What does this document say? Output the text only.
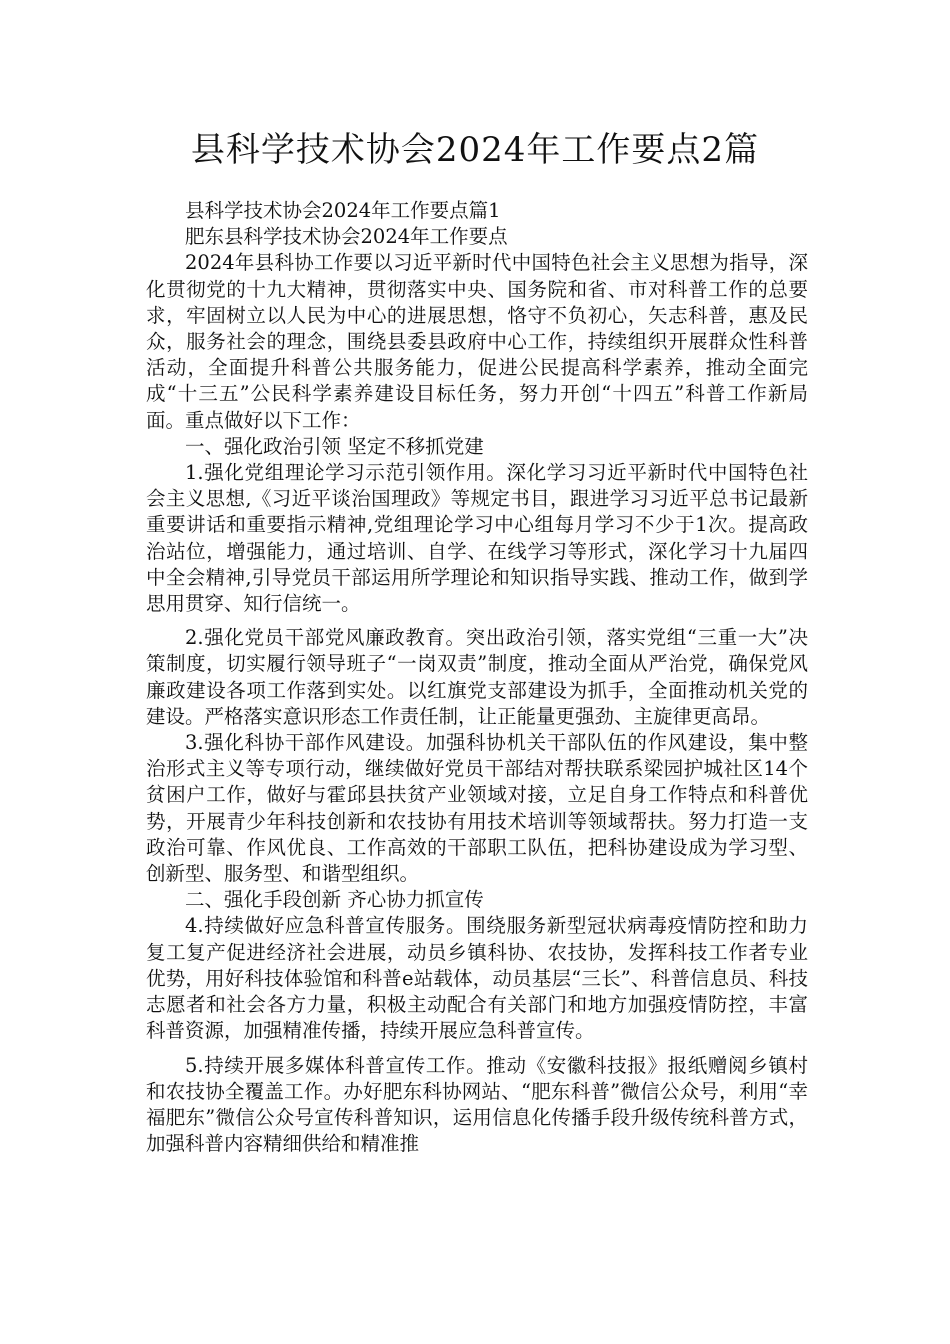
县科学技术协会2024年工作要点2篇

县科学技术协会2024年工作要点篇1

肥东县科学技术协会2024年工作要点

2024年县科协工作要以习近平新时代中国特色社会主义思想为指导，深化贯彻党的十九大精神，贯彻落实中央、国务院和省、市对科普工作的总要求，牢固树立以人民为中心的进展思想，恪守不负初心，矢志科普，惠及民众，服务社会的理念，围绕县委县政府中心工作，持续组织开展群众性科普活动，全面提升科普公共服务能力，促进公民提高科学素养，推动全面完成“十三五”公民科学素养建设目标任务，努力开创“十四五”科普工作新局面。重点做好以下工作：

一、强化政治引领 坚定不移抓党建

1.强化党组理论学习示范引领作用。深化学习习近平新时代中国特色社会主义思想,《习近平谈治国理政》等规定书目，跟进学习习近平总书记最新重要讲话和重要指示精神,党组理论学习中心组每月学习不少于1次。提高政治站位，增强能力，通过培训、自学、在线学习等形式，深化学习十九届四中全会精神,引导党员干部运用所学理论和知识指导实践、推动工作，做到学思用贯穿、知行信统一。

2.强化党员干部党风廉政教育。突出政治引领，落实党组“三重一大”决策制度，切实履行领导班子“一岗双责”制度，推动全面从严治党，确保党风廉政建设各项工作落到实处。以红旗党支部建设为抓手，全面推动机关党的建设。严格落实意识形态工作责任制，让正能量更强劲、主旋律更高昂。

3.强化科协干部作风建设。加强科协机关干部队伍的作风建设，集中整治形式主义等专项行动，继续做好党员干部结对帮扶联系梁园护城社区14个贫困户工作，做好与霍邱县扶贫产业领域对接，立足自身工作特点和科普优势，开展青少年科技创新和农技协有用技术培训等领域帮扶。努力打造一支政治可靠、作风优良、工作高效的干部职工队伍，把科协建设成为学习型、创新型、服务型、和谐型组织。

二、强化手段创新 齐心协力抓宣传

4.持续做好应急科普宣传服务。围绕服务新型冠状病毒疫情防控和助力复工复产促进经济社会进展，动员乡镇科协、农技协，发挥科技工作者专业优势，用好科技体验馆和科普e站载体，动员基层“三长”、科普信息员、科技志愿者和社会各方力量，积极主动配合有关部门和地方加强疫情防控，丰富科普资源，加强精准传播，持续开展应急科普宣传。

5.持续开展多媒体科普宣传工作。推动《安徽科技报》报纸赠阅乡镇村和农技协全覆盖工作。办好肥东科协网站、“肥东科普”微信公众号，利用“幸福肥东”微信公众号宣传科普知识，运用信息化传播手段升级传统科普方式，加强科普内容精细供给和精准推
